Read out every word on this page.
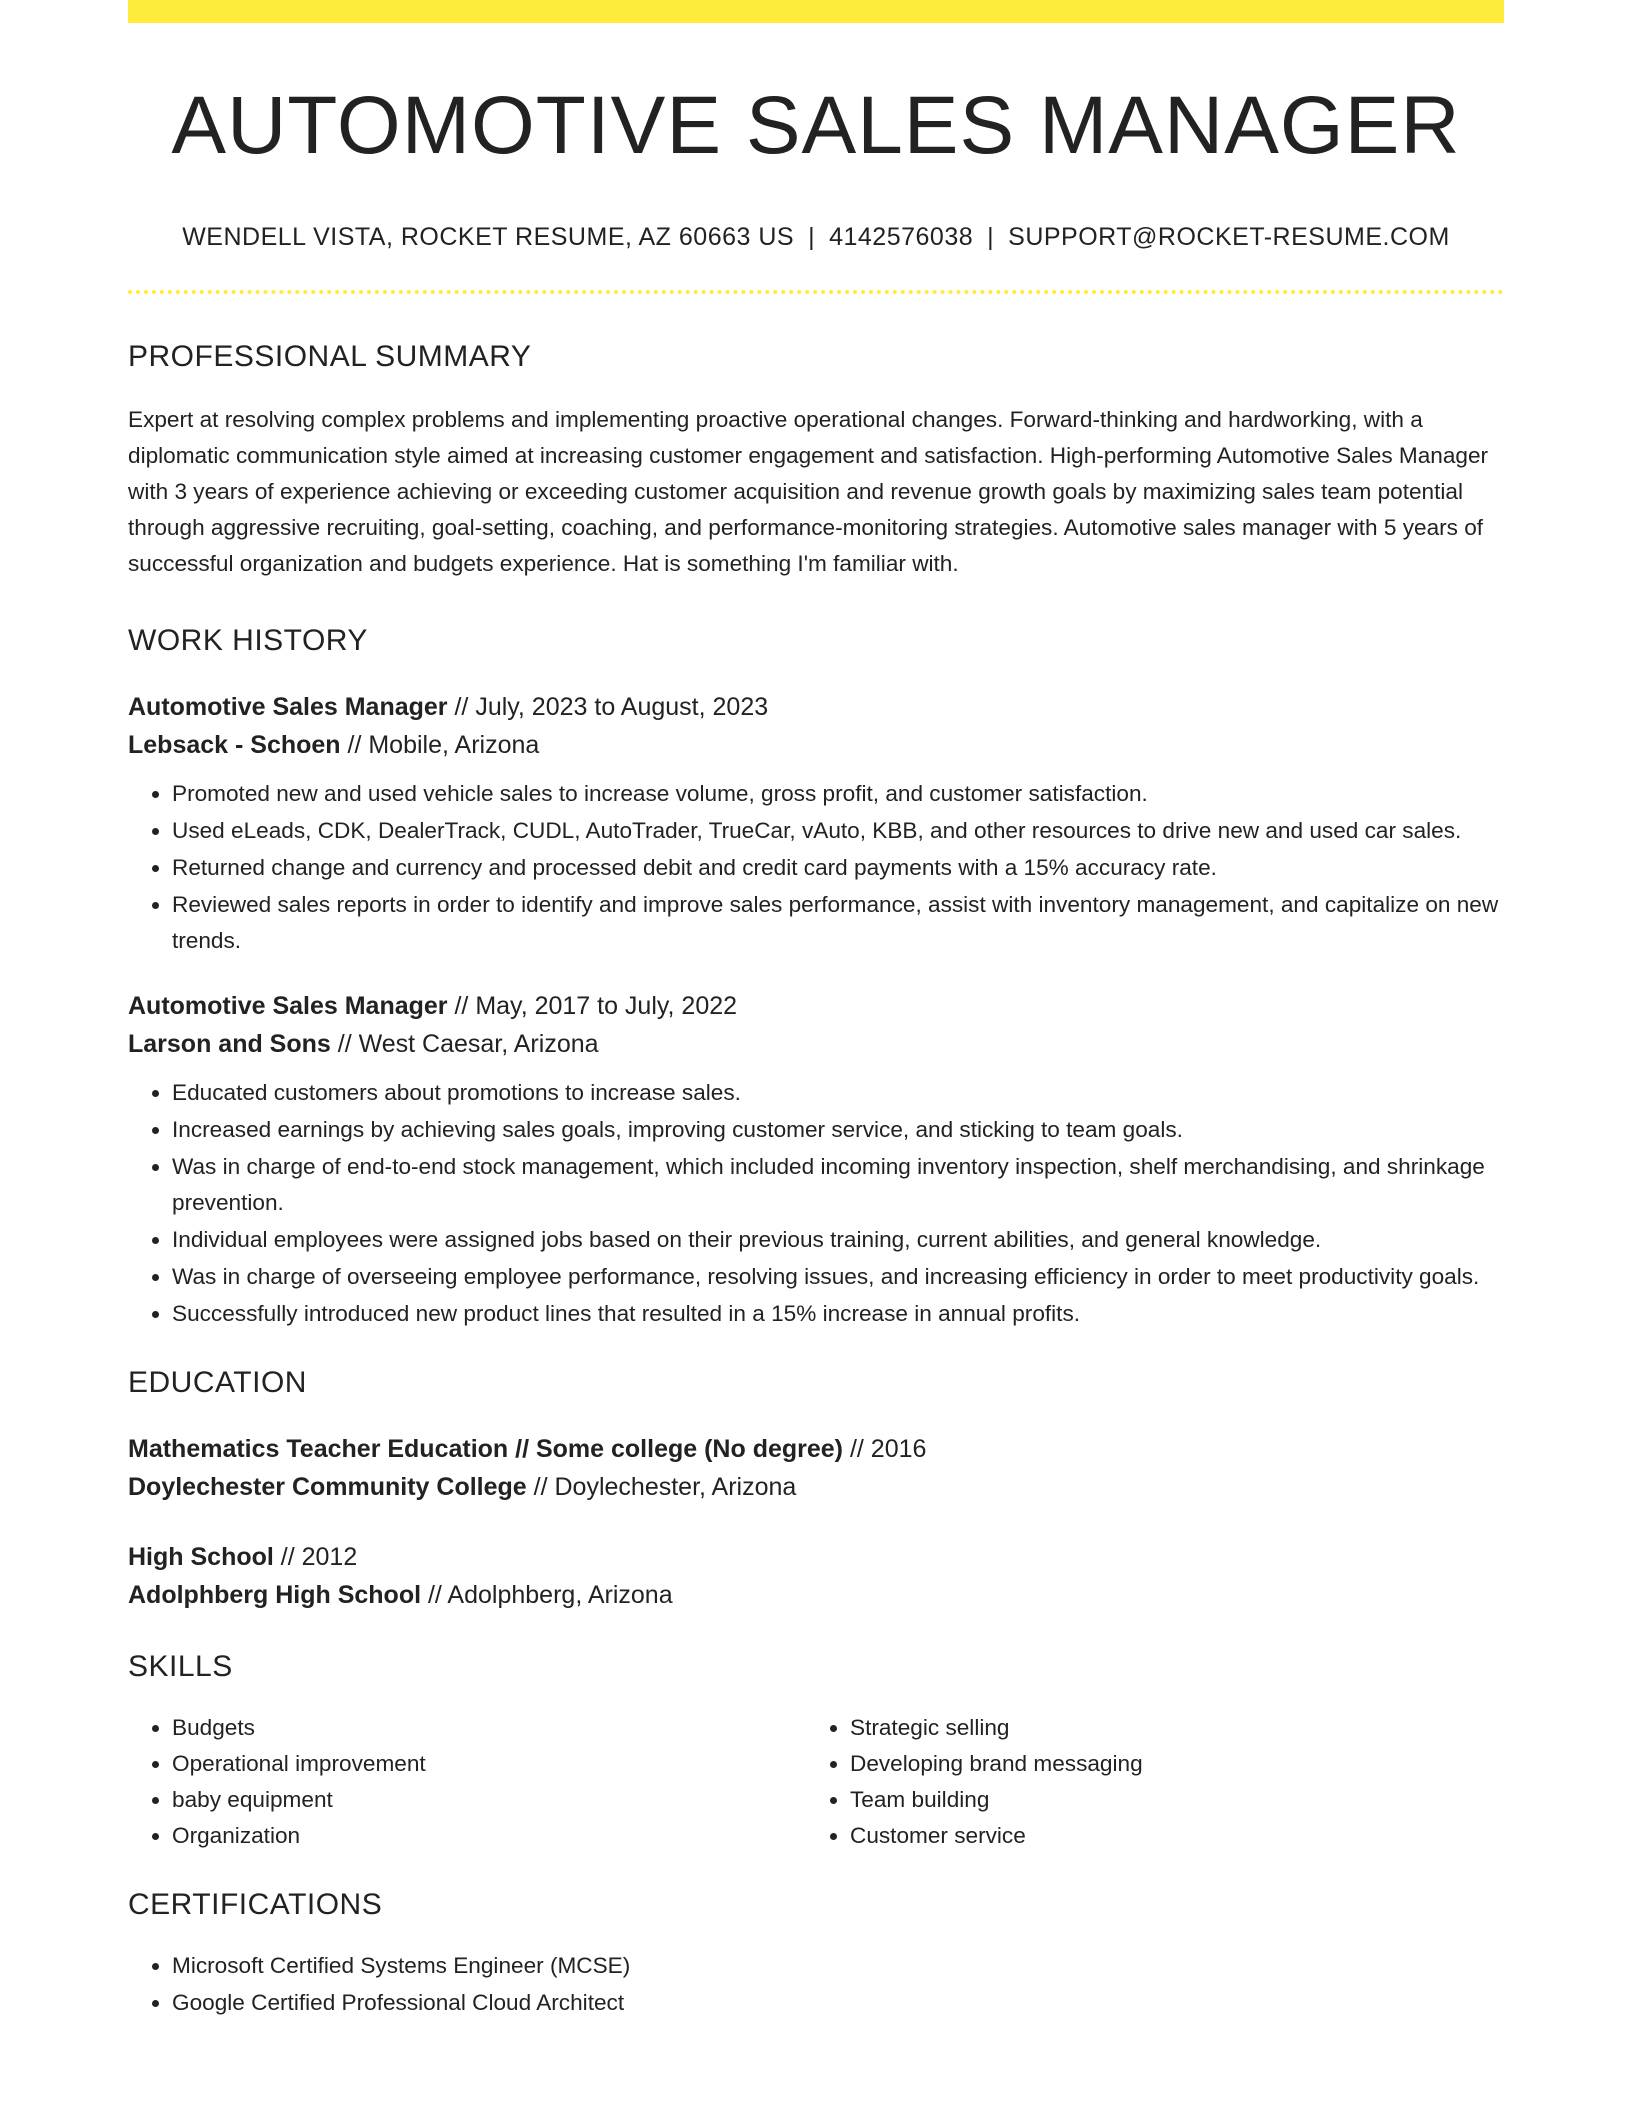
AUTOMOTIVE SALES MANAGER
WENDELL VISTA, ROCKET RESUME, AZ 60663 US | 4142576038 | SUPPORT@ROCKET-RESUME.COM
PROFESSIONAL SUMMARY

Expert at resolving complex problems and implementing proactive operational changes. Forward-thinking and hardworking, with a diplomatic communication style aimed at increasing customer engagement and satisfaction. High-performing Automotive Sales Manager with 3 years of experience achieving or exceeding customer acquisition and revenue growth goals by maximizing sales team potential through aggressive recruiting, goal-setting, coaching, and performance-monitoring strategies. Automotive sales manager with 5 years of successful organization and budgets experience. Hat is something I'm familiar with.

WORK HISTORY
Automotive Sales Manager // July, 2023 to August, 2023
Lebsack - Schoen // Mobile, Arizona
• Promoted new and used vehicle sales to increase volume, gross profit, and customer satisfaction.
• Used eLeads, CDK, DealerTrack, CUDL, AutoTrader, TrueCar, vAuto, KBB, and other resources to drive new and used car sales.
• Returned change and currency and processed debit and credit card payments with a 15% accuracy rate.
• Reviewed sales reports in order to identify and improve sales performance, assist with inventory management, and capitalize on new trends.
Automotive Sales Manager // May, 2017 to July, 2022
Larson and Sons // West Caesar, Arizona
• Educated customers about promotions to increase sales.
• Increased earnings by achieving sales goals, improving customer service, and sticking to team goals.
• Was in charge of end-to-end stock management, which included incoming inventory inspection, shelf merchandising, and shrinkage prevention.
• Individual employees were assigned jobs based on their previous training, current abilities, and general knowledge.
• Was in charge of overseeing employee performance, resolving issues, and increasing efficiency in order to meet productivity goals.
• Successfully introduced new product lines that resulted in a 15% increase in annual profits.
EDUCATION
Mathematics Teacher Education // Some college (No degree) // 2016
Doylechester Community College // Doylechester, Arizona
High School // 2012
Adolphberg High School // Adolphberg, Arizona
SKILLS
• Budgets
• Operational improvement
• baby equipment
• Organization
• Strategic selling
• Developing brand messaging
• Team building
• Customer service
CERTIFICATIONS
• Microsoft Certified Systems Engineer (MCSE)
• Google Certified Professional Cloud Architect
